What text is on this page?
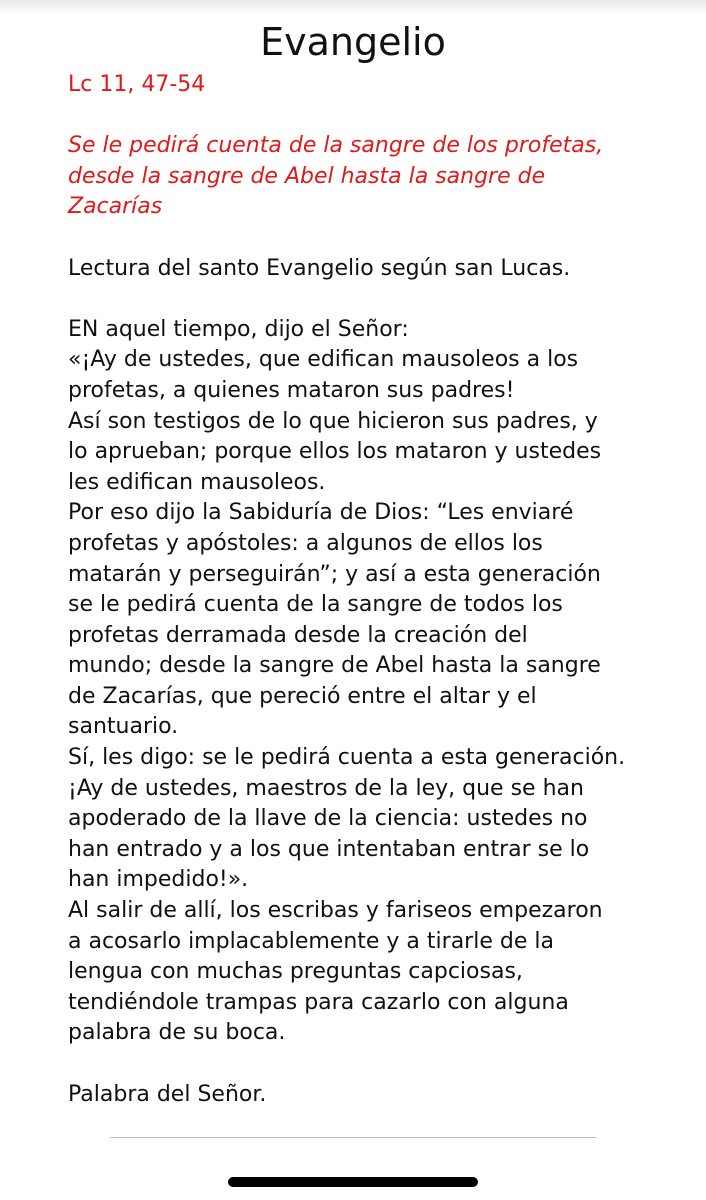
Evangelio

Lc 11, 47-54

Se le pedirá cuenta de la sangre de los profetas,
desde la sangre de Abel hasta la sangre de
Zacarías

Lectura del santo Evangelio según san Lucas.

EN aquel tiempo, dijo el Señor:
«¡Ay de ustedes, que edifican mausoleos a los
profetas, a quienes mataron sus padres!
Así son testigos de lo que hicieron sus padres, y
lo aprueban; porque ellos los mataron y ustedes
les edifican mausoleos.
Por eso dijo la Sabiduría de Dios: “Les enviaré
profetas y apóstoles: a algunos de ellos los
matarán y perseguirán”; y así a esta generación
se le pedirá cuenta de la sangre de todos los
profetas derramada desde la creación del
mundo; desde la sangre de Abel hasta la sangre
de Zacarías, que pereció entre el altar y el
santuario.
Sí, les digo: se le pedirá cuenta a esta generación.
¡Ay de ustedes, maestros de la ley, que se han
apoderado de la llave de la ciencia: ustedes no
han entrado y a los que intentaban entrar se lo
han impedido!».
Al salir de allí, los escribas y fariseos empezaron
a acosarlo implacablemente y a tirarle de la
lengua con muchas preguntas capciosas,
tendiéndole trampas para cazarlo con alguna
palabra de su boca.

Palabra del Señor.
